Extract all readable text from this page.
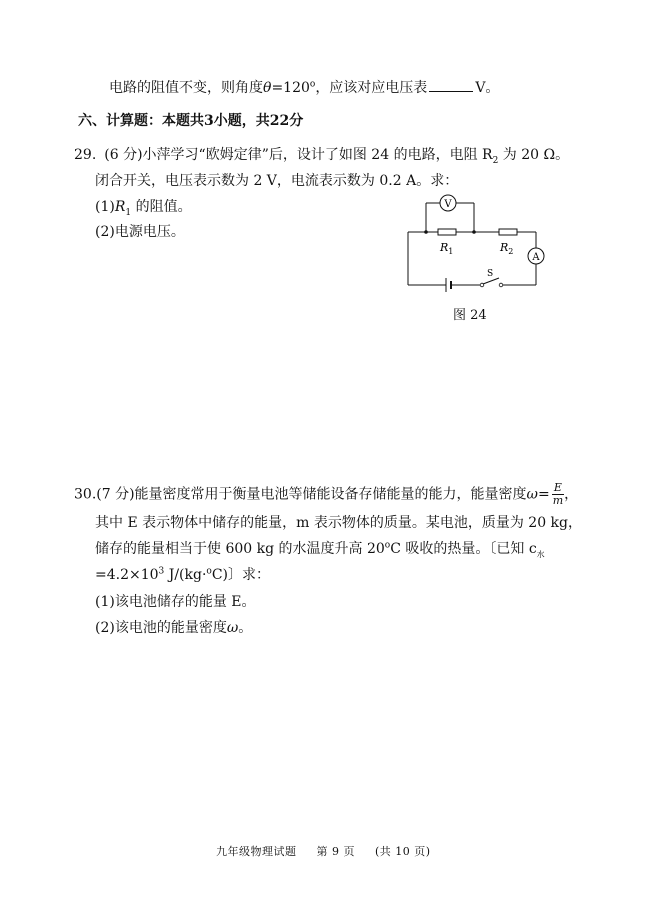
电路的阻值不变，则角度$\theta=120^o$，应该对应电压表	V。
六、计算题：本题共3小题，共22分
29. (6 分)小萍学习“欧姆定律”后，设计了如图 24 的电路，电阻 $R_2$ 为 20 Ω。
闭合开关，电压表示数为 2 V，电流表示数为 0.2 A。求：
$(1)R_1$ 的阻值。
(2)电源电压。
V
$R_1$	$R_2$
A
S
图 24
30.(7 分)能量密度常用于衡量电池等储能设备存储能量的能力，能量密度$\omega= \frac{E}{m}$ ，
其中 E 表示物体中储存的能量，m 表示物体的质量。某电池，质量为 20 kg，
储存的能量相当于使 600 kg 的水温度升高 20$^o$C 吸收的热量。〔已知 $c_水$
$=4.2\times 10^3$ J/(kg·$^o$C)〕求：
(1)该电池储存的能量 E。
(2)该电池的能量密度ω。
九年级物理试题     第 9 页     (共 10 页)
